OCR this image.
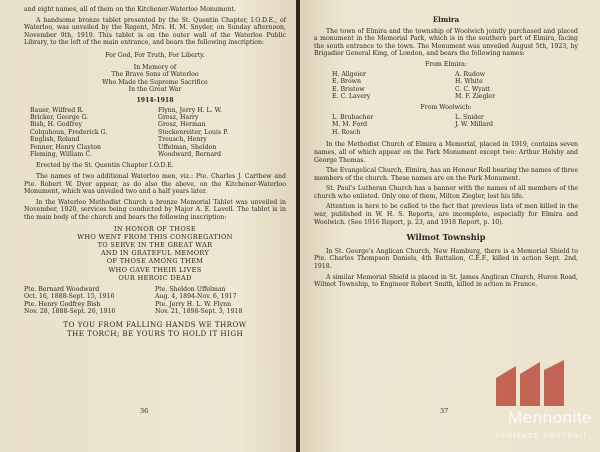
and eight names, all of them on the Kitchener-Waterloo Monument.

A handsome bronze tablet presented by the St. Quentin Chapter, I.O.D.E., of Waterloo, was unveiled by the Regent, Mrs. H. M. Snyder, on Sunday afternoon, November 9th, 1919. This tablet is on the outer wall of the Waterloo Public Library, to the left of the main entrance, and bears the following inscription:

For God, For Truth, For Liberty.

In Memory of
The Brave Sons of Waterloo
Who Made the Supreme Sacrifice
In the Great War
1914-1918
Bauer, Wilfred R.
Bricker, George G.
Bish, H. Godfrey
Colquhoun, Frederick G.
English, Roland
Fenner, Henry Clayton
Fleming, William C.
Flynn, Jerry H. L. W.
Grosz, Harry
Grosz, Herman
Steckenreiter, Louis P.
Treusch, Henry
Uffelman, Sheldon
Woodward, Bernard

Erected by the St. Quentin Chapter I.O.D.E.

The names of two additional Waterloo men, viz.: Pte. Charles J. Carthew and Pte. Robert W. Dyer appear, as do also the above, on the Kitchener-Waterloo Monument, which was unveiled two and a half years later.

In the Waterloo Methodist Church a bronze Memorial Tablet was unveiled in November, 1920, services being conducted by Major A. E. Lavell. The tablet is in the main body of the church and bears the following inscription:

IN HONOR OF THOSE
WHO WENT FROM THIS CONGREGATION
TO SERVE IN THE GREAT WAR
AND IN GRATEFUL MEMORY
OF THOSE AMONG THEM
WHO GAVE THEIR LIVES
OUR HEROIC DEAD
Pte. Bernard Woodward
Oct. 16, 1888-Sept. 15, 1916
Pte. Henry Godfrey Bish
Nov. 28, 1888-Sept. 26, 1916
Pte. Sheldon Uffelman
Aug. 4, 1894-Nov. 6, 1917
Pte. Jerry H. L. W. Flynn
Nov. 21, 1898-Sept. 3, 1918
TO YOU FROM FALLING HANDS WE THROW
THE TORCH; BE YOURS TO HOLD IT HIGH
36
Elmira

The town of Elmira and the township of Woolwich jointly purchased and placed a monument in the Memorial Park, which is in the southern part of Elmira, facing the south entrance to the town. The Monument was unveiled August 5th, 1923, by Brigadier General King, of London, and bears the following names:

From Elmira:
H. Allgeier
E. Brown
E. Bristow
E. C. Lavery
A. Rudow
H. White
C. C. Wyatt
M. F. Ziegler
From Woolwich:
L. Brubacher
M. M. Ford
H. Rosch
L. Snider
J. W. Millard

In the Methodist Church of Elmira a Memorial, placed in 1919, contains seven names, all of which appear on the Park Monument except two: Arthur Helsby and George Thomas.

The Evangelical Church, Elmira, has an Honour Roll bearing the names of three members of the church. These names are on the Park Monument.

St. Paul's Lutheran Church has a banner with the names of all members of the church who enlisted. Only one of them, Milton Ziegler, lost his life.

Attention is here to be called to the fact that previous lists of men killed in the war, published in W. H. S. Reports, are incomplete, especially for Elmira and Woolwich. (See 1916 Report, p. 23, and 1918 Report, p. 10).

Wilmot Township

In St. George's Anglican Church, New Hamburg, there is a Memorial Shield to Pte. Charles Thompson Daniels, 4th Battalion, C.E.F., killed in action Sept. 2nd, 1918.

A similar Memorial Shield is placed in St. James Anglican Church, Huron Road, Wilmot Township, to Engineer Robert Smith, killed in action in France.

37	Mennonite
HERITAGE PORTRAIT
